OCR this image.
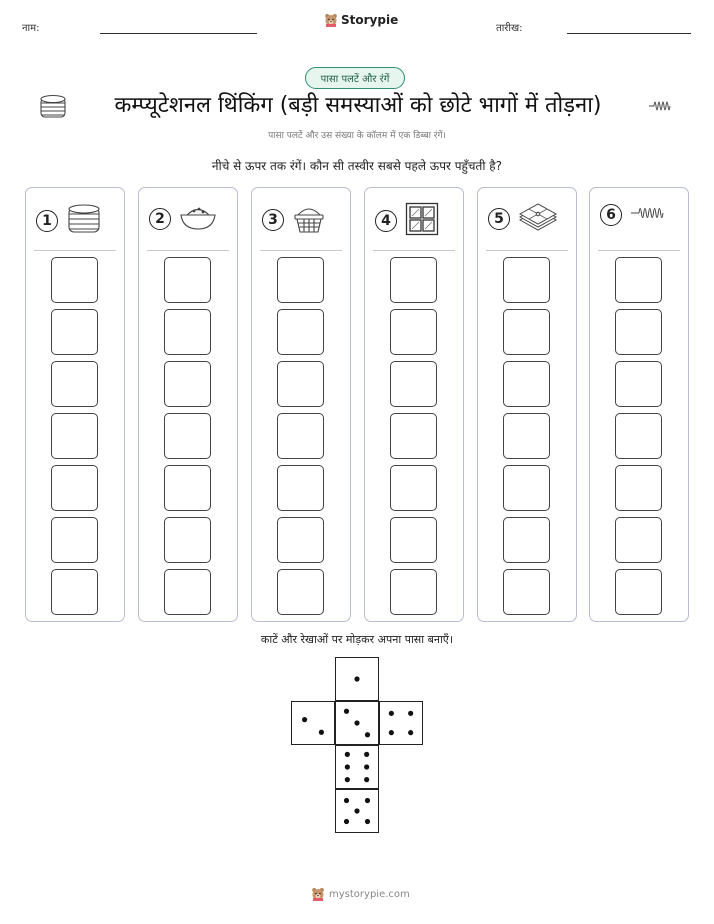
नाम:
Storypie
तारीख:
पासा पलटें और रंगें
कम्प्यूटेशनल थिंकिंग (बड़ी समस्याओं को छोटे भागों में तोड़ना)
पासा पलटें और उस संख्या के कॉलम में एक डिब्बा रंगें।
नीचे से ऊपर तक रंगें। कौन सी तस्वीर सबसे पहले ऊपर पहुँचती है?
1	2	3	4	5	6
काटें और रेखाओं पर मोड़कर अपना पासा बनाएँ।
mystorypie.com
